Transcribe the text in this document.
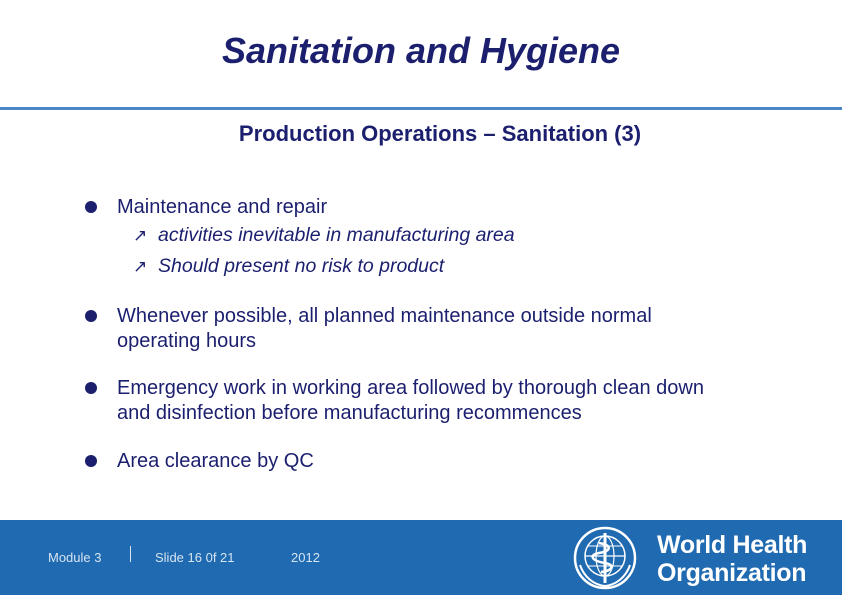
Sanitation and Hygiene
Production Operations – Sanitation (3)
Maintenance and repair
↗ activities inevitable in manufacturing area
↗ Should present no risk to product
Whenever possible, all planned maintenance outside normal
operating hours
Emergency work in working area followed by thorough clean down
and disinfection before manufacturing recommences
Area clearance by QC
Module 3	Slide 16 0f 21	2012	World Health
Organization
